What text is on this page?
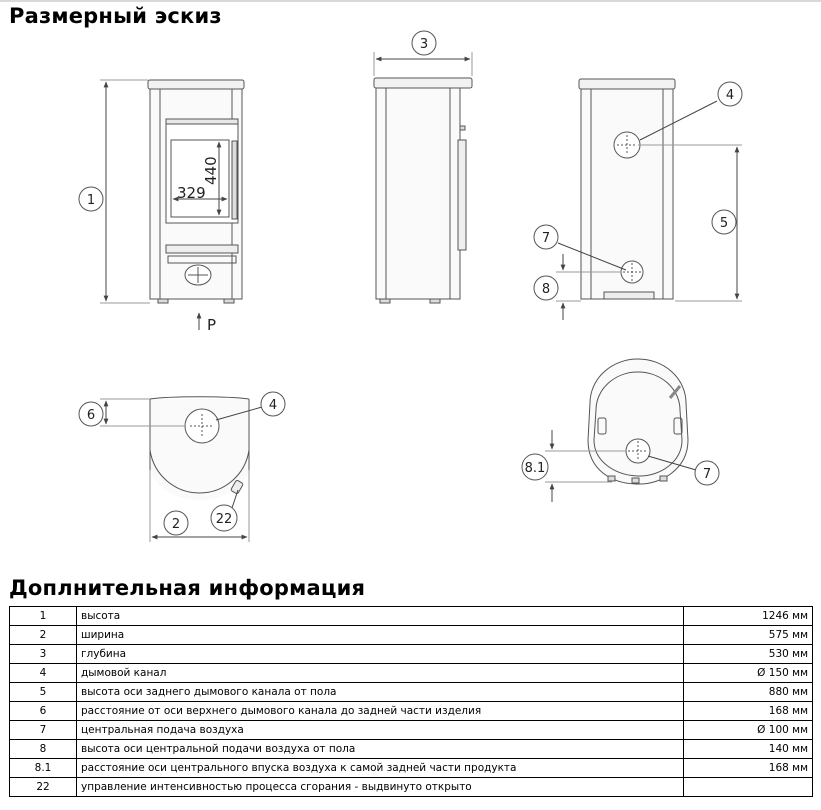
Размерный эскиз
329
440
1
P
3
4
5
7
8
6
4
2	22
8.1	7
Доплнительная информация
1	высота	1246 мм
2	ширина	575 мм
3	глубина	530 мм
4	дымовой канал	Ø 150 мм
5	высота оси заднего дымового канала от пола	880 мм
6	расстояние от оси верхнего дымового канала до задней части изделия	168 мм
7	центральная подача воздуха	Ø 100 мм
8	высота оси центральной подачи воздуха от пола	140 мм
8.1	расстояние оси центрального впуска воздуха к самой задней части продукта	168 мм
22	управление интенсивностью процесса сгорания - выдвинуто открыто	
